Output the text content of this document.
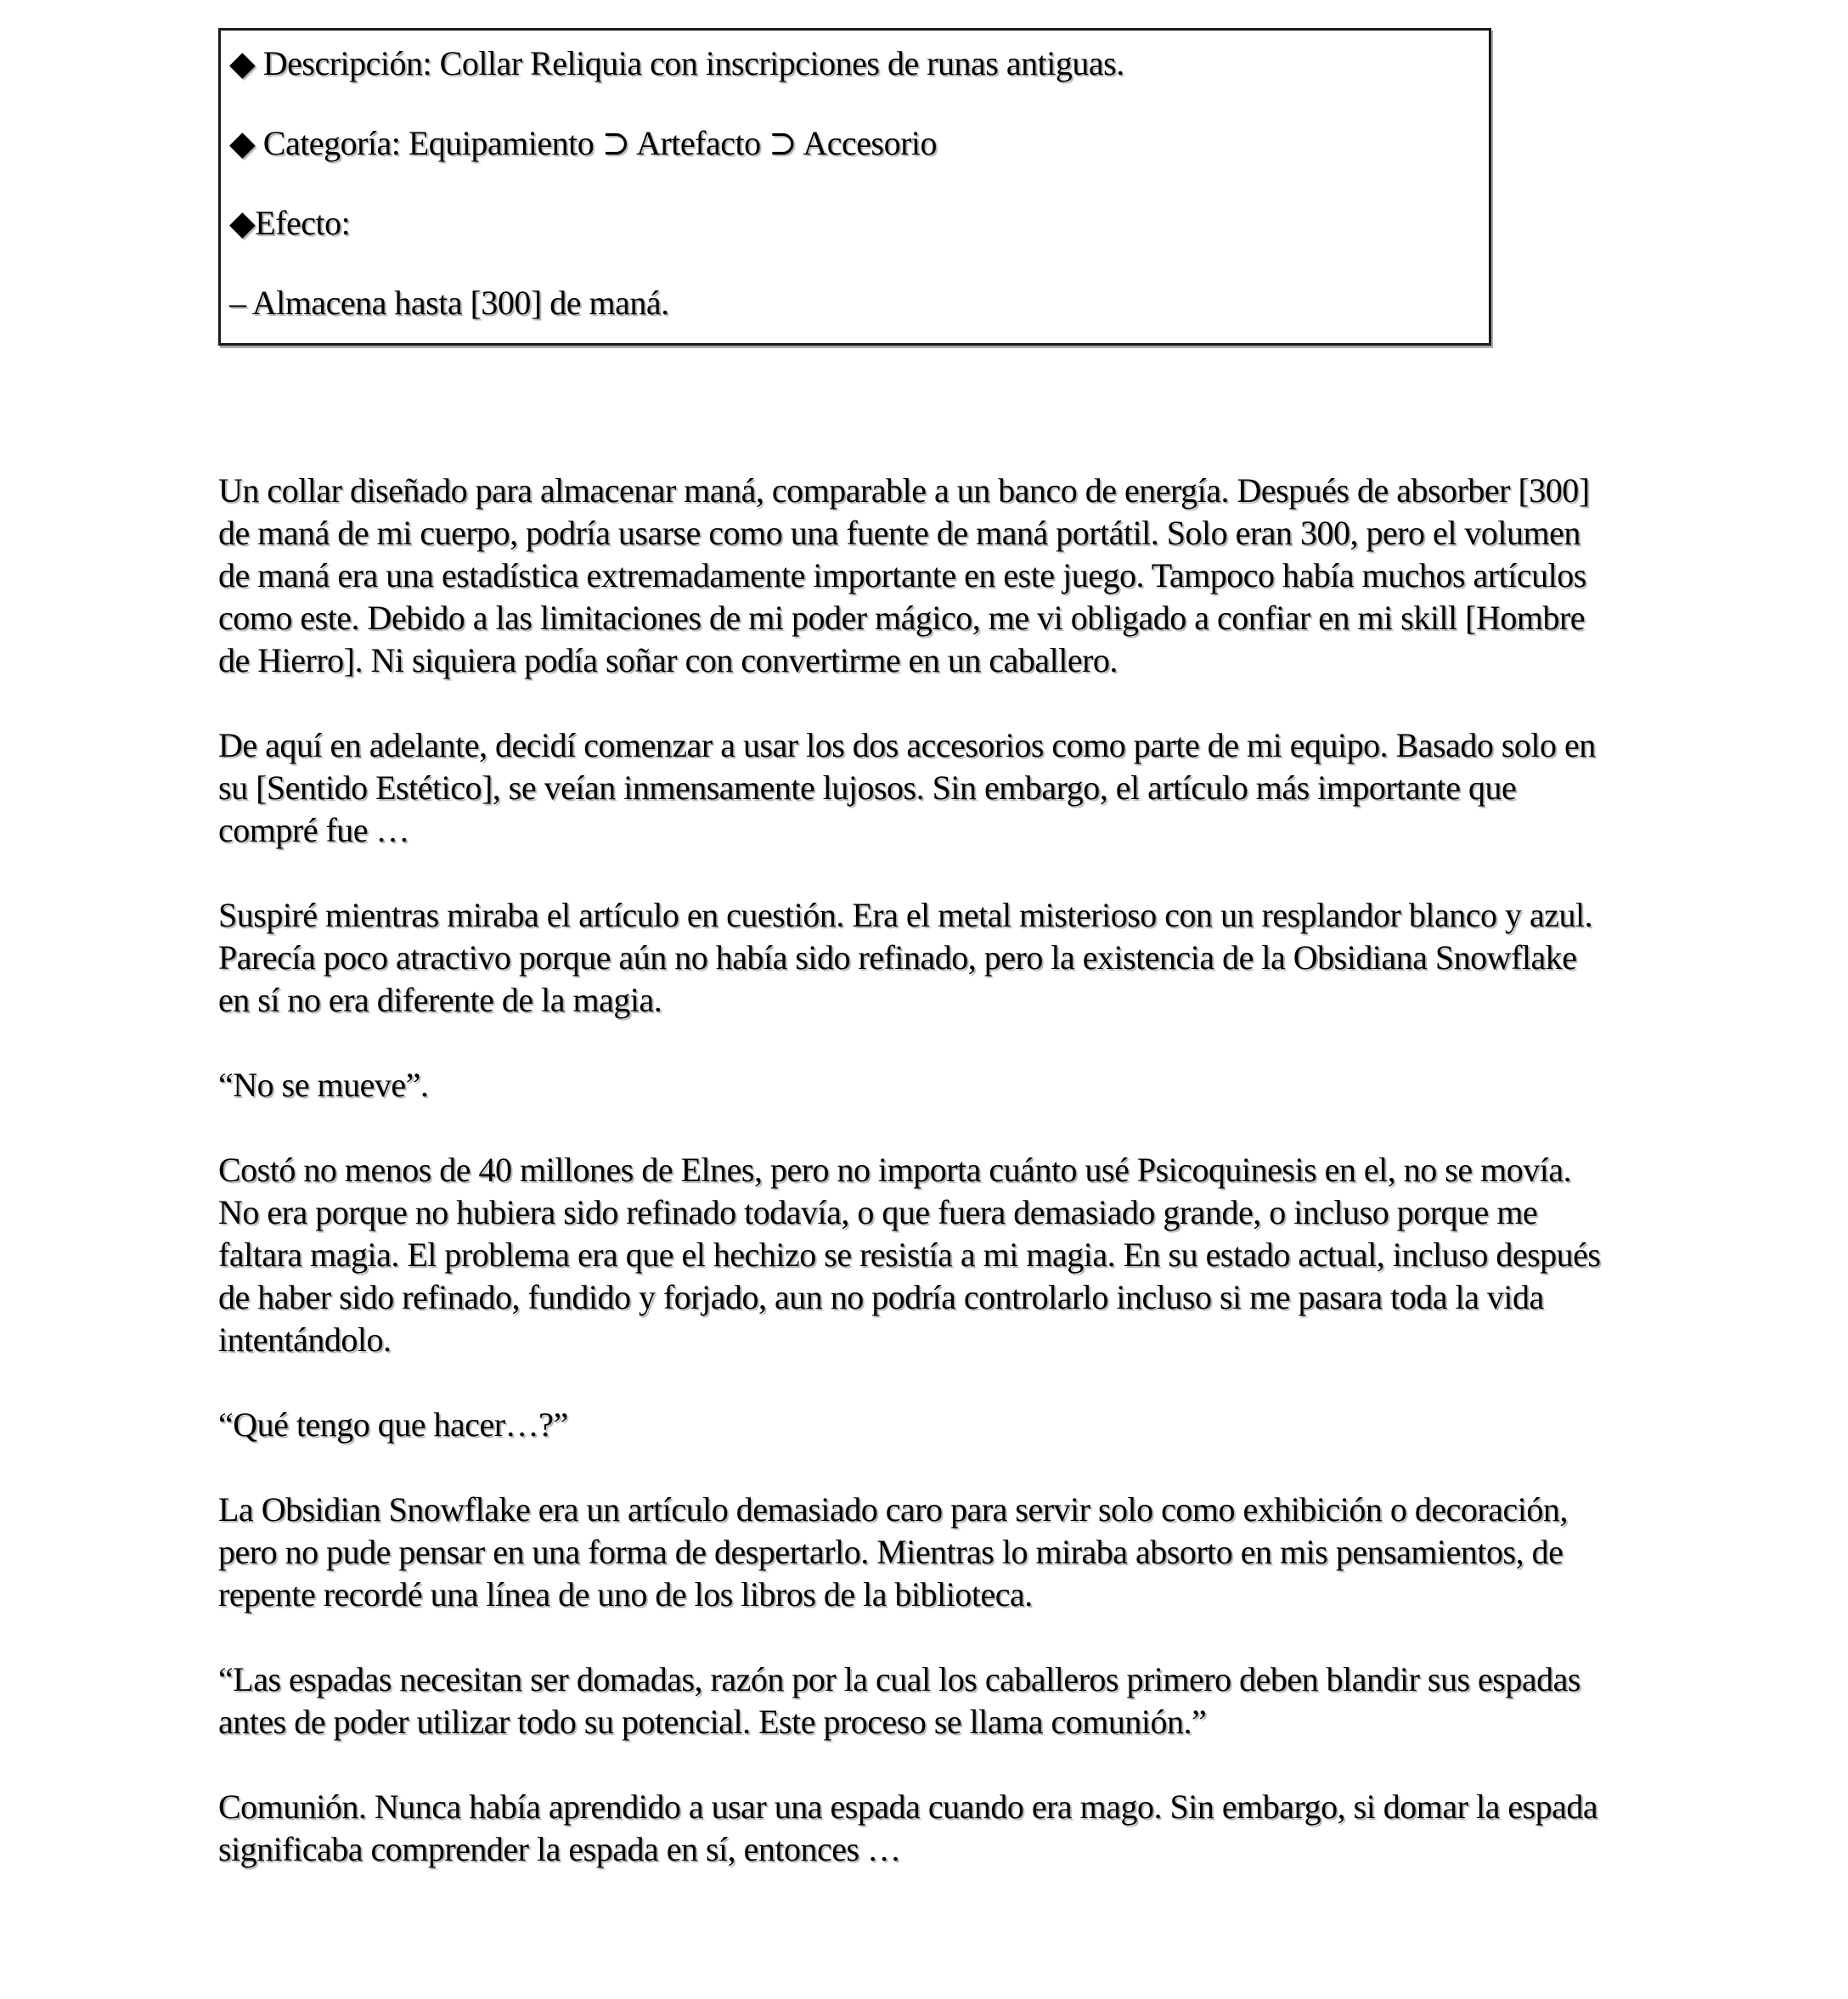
◆ Descripción: Collar Reliquia con inscripciones de runas antiguas.

◆ Categoría: Equipamiento ⊃ Artefacto ⊃ Accesorio

◆Efecto:

– Almacena hasta [300] de maná.

Un collar diseñado para almacenar maná, comparable a un banco de energía. Después de absorber [300] de maná de mi cuerpo, podría usarse como una fuente de maná portátil. Solo eran 300, pero el volumen de maná era una estadística extremadamente importante en este juego. Tampoco había muchos artículos como este. Debido a las limitaciones de mi poder mágico, me vi obligado a confiar en mi skill [Hombre de Hierro]. Ni siquiera podía soñar con convertirme en un caballero.

De aquí en adelante, decidí comenzar a usar los dos accesorios como parte de mi equipo. Basado solo en su [Sentido Estético], se veían inmensamente lujosos. Sin embargo, el artículo más importante que compré fue …

Suspiré mientras miraba el artículo en cuestión. Era el metal misterioso con un resplandor blanco y azul. Parecía poco atractivo porque aún no había sido refinado, pero la existencia de la Obsidiana Snowflake en sí no era diferente de la magia.

“No se mueve”.

Costó no menos de 40 millones de Elnes, pero no importa cuánto usé Psicoquinesis en el, no se movía. No era porque no hubiera sido refinado todavía, o que fuera demasiado grande, o incluso porque me faltara magia. El problema era que el hechizo se resistía a mi magia. En su estado actual, incluso después de haber sido refinado, fundido y forjado, aun no podría controlarlo incluso si me pasara toda la vida intentándolo.

“Qué tengo que hacer…?”

La Obsidian Snowflake era un artículo demasiado caro para servir solo como exhibición o decoración, pero no pude pensar en una forma de despertarlo. Mientras lo miraba absorto en mis pensamientos, de repente recordé una línea de uno de los libros de la biblioteca.

“Las espadas necesitan ser domadas, razón por la cual los caballeros primero deben blandir sus espadas antes de poder utilizar todo su potencial. Este proceso se llama comunión.”

Comunión. Nunca había aprendido a usar una espada cuando era mago. Sin embargo, si domar la espada significaba comprender la espada en sí, entonces …
